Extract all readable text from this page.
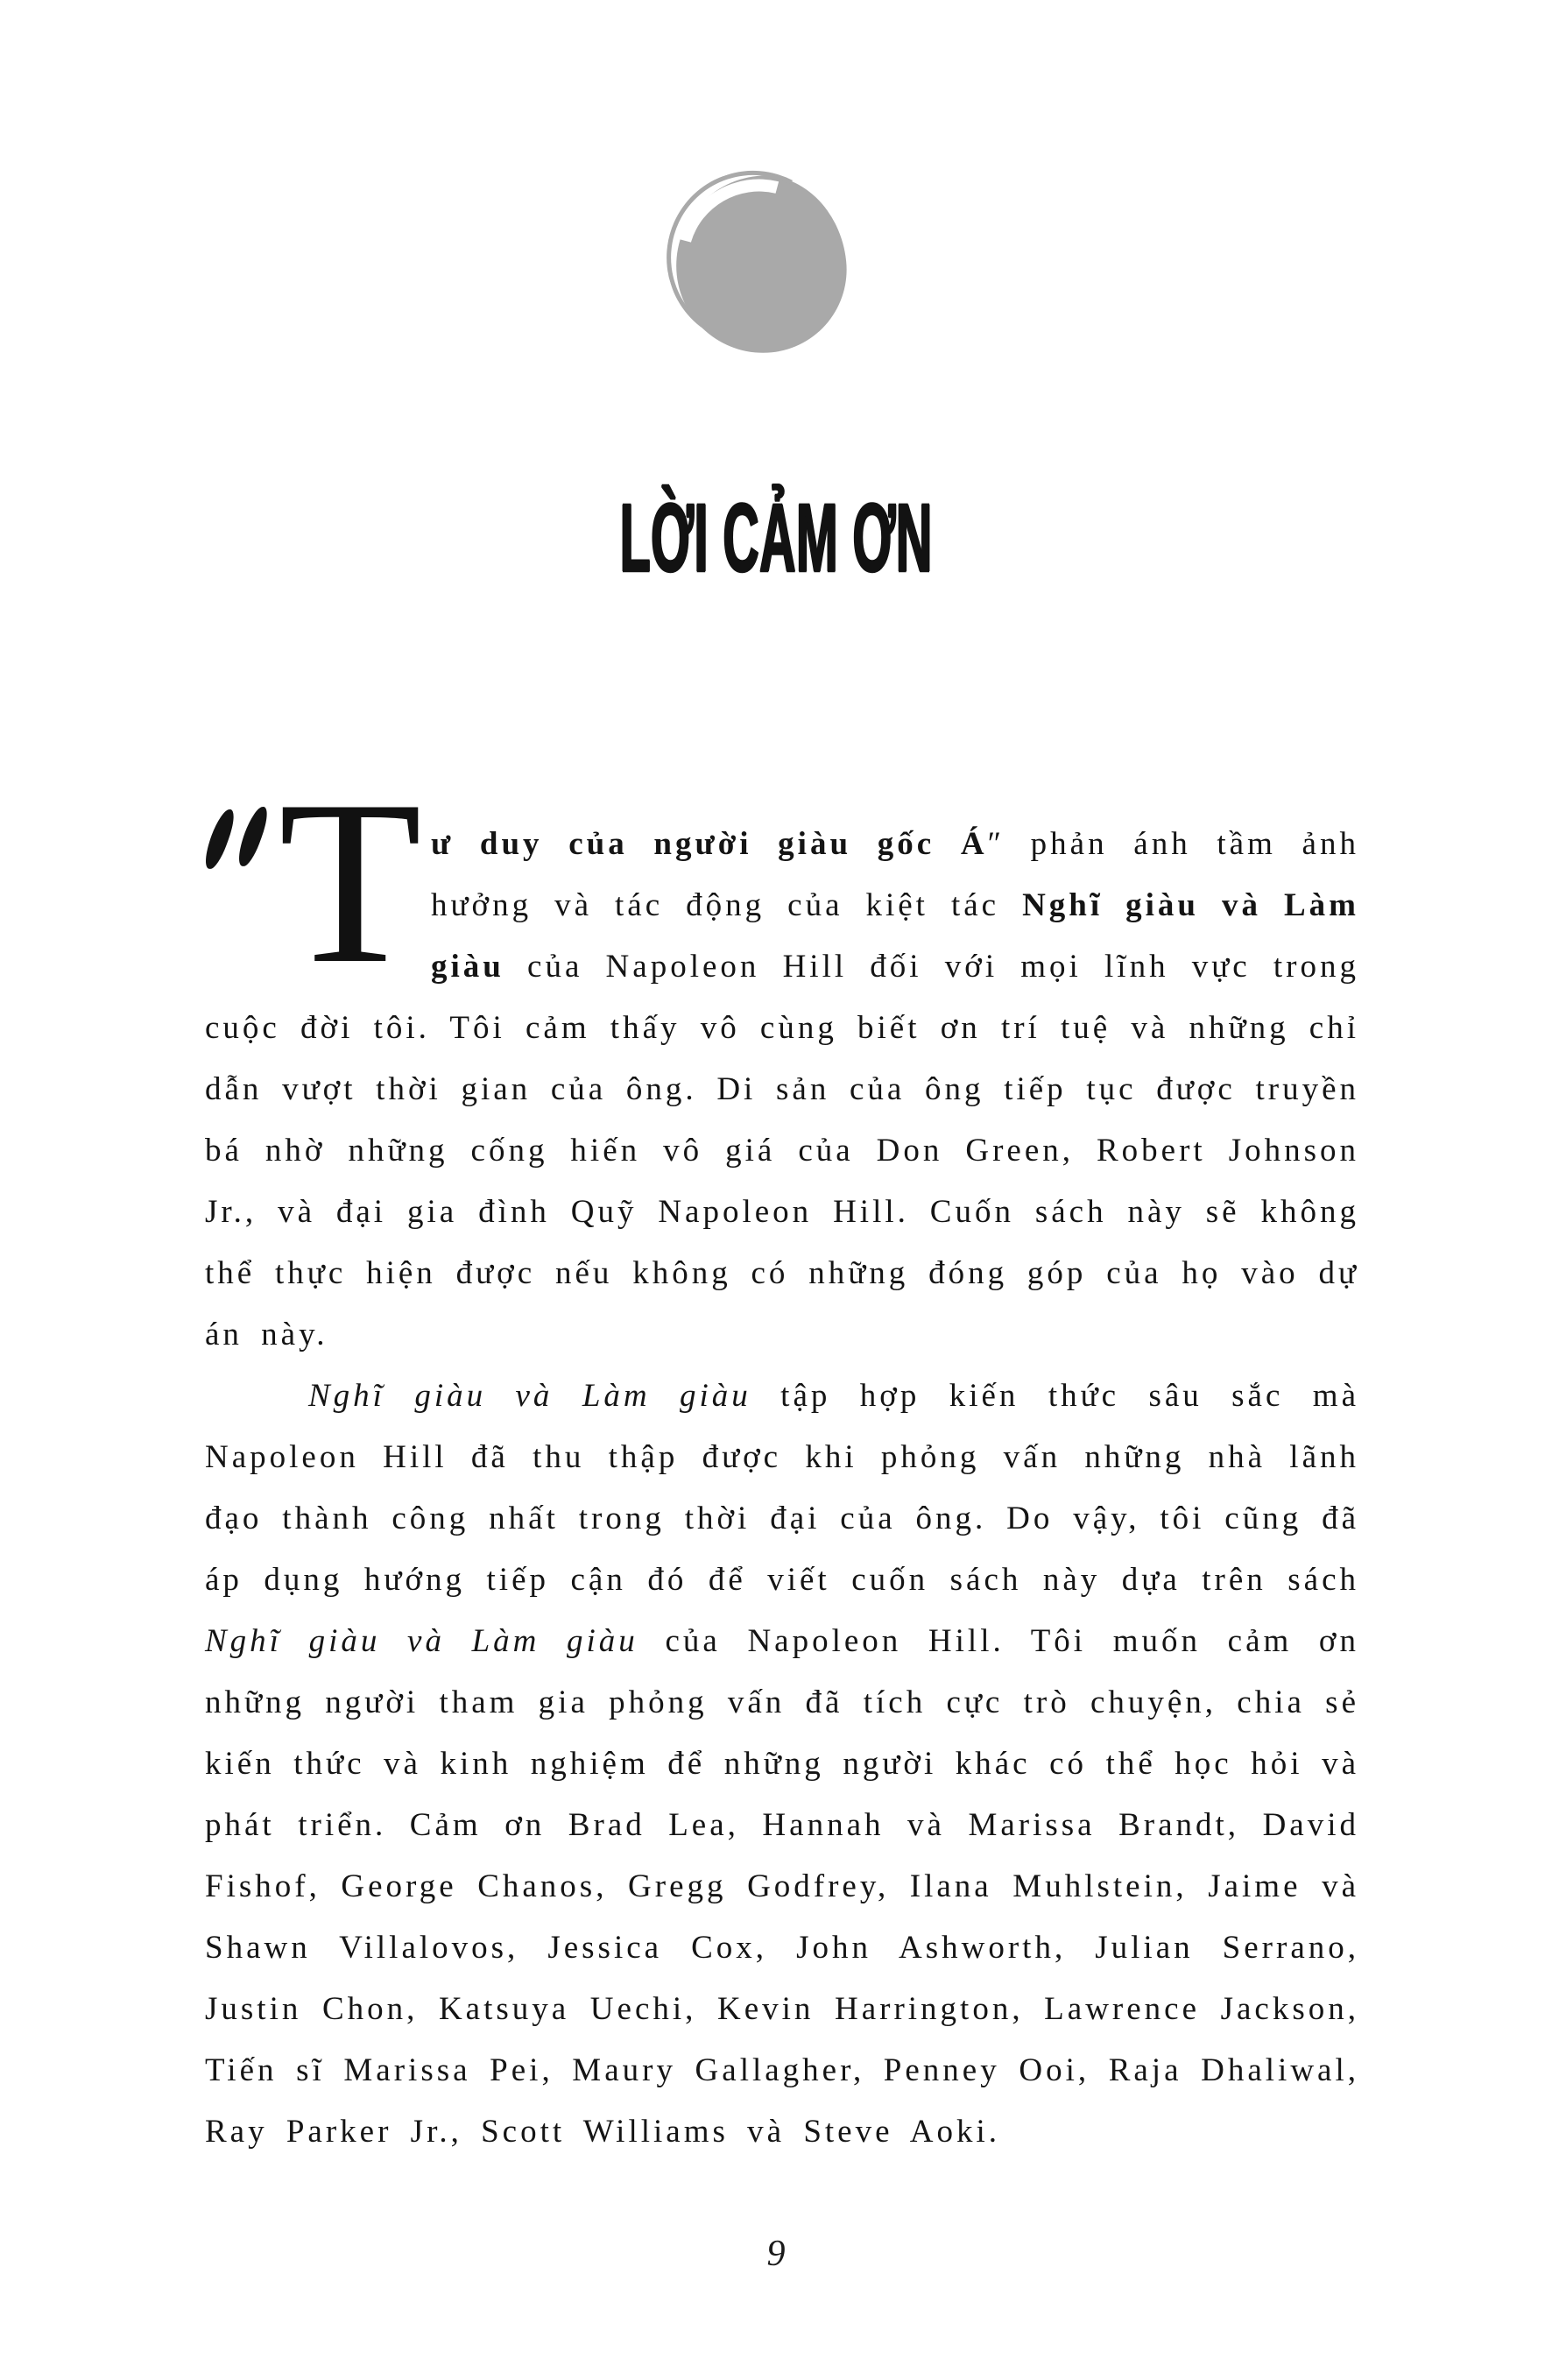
LỜI CẢM ƠN

T ư duy của người giàu gốc Á″ phản ánh tầm ảnh hưởng và tác động của kiệt tác Nghĩ giàu và Làm giàu của Napoleon Hill đối với mọi lĩnh vực trong cuộc đời tôi. Tôi cảm thấy vô cùng biết ơn trí tuệ và những chỉ dẫn vượt thời gian của ông. Di sản của ông tiếp tục được truyền bá nhờ những cống hiến vô giá của Don Green, Robert Johnson Jr., và đại gia đình Quỹ Napoleon Hill. Cuốn sách này sẽ không thể thực hiện được nếu không có những đóng góp của họ vào dự án này.

Nghĩ giàu và Làm giàu tập hợp kiến thức sâu sắc mà Napoleon Hill đã thu thập được khi phỏng vấn những nhà lãnh đạo thành công nhất trong thời đại của ông. Do vậy, tôi cũng đã áp dụng hướng tiếp cận đó để viết cuốn sách này dựa trên sách Nghĩ giàu và Làm giàu của Napoleon Hill. Tôi muốn cảm ơn những người tham gia phỏng vấn đã tích cực trò chuyện, chia sẻ kiến thức và kinh nghiệm để những người khác có thể học hỏi và phát triển. Cảm ơn Brad Lea, Hannah và Marissa Brandt, David Fishof, George Chanos, Gregg Godfrey, Ilana Muhlstein, Jaime và Shawn Villalovos, Jessica Cox, John Ashworth, Julian Serrano, Justin Chon, Katsuya Uechi, Kevin Harrington, Lawrence Jackson, Tiến sĩ Marissa Pei, Maury Gallagher, Penney Ooi, Raja Dhaliwal, Ray Parker Jr., Scott Williams và Steve Aoki.

9
